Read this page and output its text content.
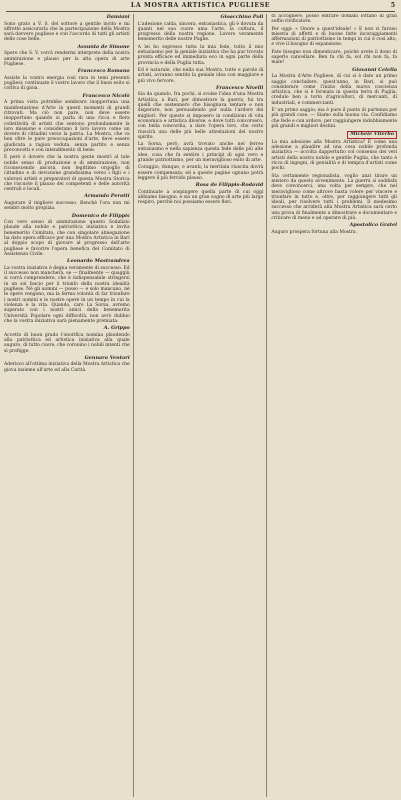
LA MOSTRA ARTISTICA PUGLIESE	5
Damiani

Sono grato a V. S. del sottore a gentile invito e mi affretto assicurarla che la partecipazione della Mostra sarà davvero pugliese e con l'accordo di tutti gli artisti delle cose belle.

Assunta de Simone

Spero che S. V. vorrà rendermi interprete della nostra ammirazione e plauso per la alta opera di arte Pugliese.

Francesco Romano

Assiste la vostra energia così rara in temi presenti pugliesi; continuate il vostro lavoro che il buon esito si coltiva di gioia.

Francesco Nicolò

A prima vista potrebbe sembrare inopportuna una manifestazione d'Arte in questi momenti di grandi ritrovati. Ma ciò non pare, non deve essere inopportuno quando si parla di una ricca e fiera collettività di artisti che sentono profondamente la loro missione e considerano il loro lavoro come un dovere di cittadini verso la patria. La Mostra, che va ben oltre le pure preoccupazioni d'arte, deve essere giudicata a ragion veduta, senza partito e senza preconcetti e con intendimento di bene.

E però è dovere che la nostra gente mostri al tale nobile senso di produzione e di ammirazione, non riconoscendo ancora, non legittimo orgoglio di cittadino e di devozione grandissima verso i figli e i valorosi artisti e preparatori di questa Mostra Storica che riscuote il plauso dei competenti e delle autorità centrali e locali.

Armando Perotti

Augurare il migliore successo. Benchè l'ora non mi sembri molto propizia.

Domenico de Filippis

Con vero senso di ammirazione questo Sodalizio plaude alla nobile e patriottica iniziativa e invita benemerito Comitato, che con singolare abnegazione ha dato opera efficace per una Mostra Artistica in Bari al doppio scopo di giovare al progresso dell'arte pugliese e favorire l'opera benefica del Comitato di Assistenza Civile.

Leonardo Mastrandrea

La vostra iniziativa è degna veramente di successo. Ed il successo non mancherà, se — finalmente — quaggiù si vorrà comprendere, che è indispensabile stringersi in un sol fascio per il trionfo della nostra idealità pugliese. Nè gli uomini — posso — e solo mancano, nè le opere vengono, ma la ferma volontà di far trionfare i nostri uomini e le nostre opere in un tempo in cui la violenza è la vita. Quando, caro La Sorsa, avremo superato con i nostri amici della benemerita Università Popolare ogni difficoltà, non avrò dubbio che la vostra iniziativa sarà pienamente premiata.

A. Grippo

Accetto di buon grado l'onorifica nomina plaudendo alla patriottica ed artistica iniziativa alla quale auguro, di tutto cuore, che coronino i nobili intenti che si prefigge.

Gennaro Ventori

Aderisco all'ottima iniziativa della Mostra Artistica che giova insieme all'arte ed alla Carità.

Gioacchino Poli

L'adesione calda, sincera, entusiastica, gli è dovuta da quanti nel suo cuore ama l'arte, la cultura, il progresso della nostra regione. Lavoro veramente benemerito delle nostre Puglie.

A lei ho espresso tutta la mia fede, tutto il mio entusiasmo per la geniale iniziativa che ha pur trovato pronta efficace ed immediata eco in ogni parte della provincia e della Puglia tutta.

Ed è naturale, che nella sua Mostra, tutte e parole di artisti, avranno sentito la geniale idea con maggiore e più vivo fervore.

Francesco Nivelli

Sia da quando, fra pochi, si svolse l'idea d'una Mostra Artistica, a Bari, per dimostrare la guerra, fui tra quelli che sostennero che bisognava tentare e non disperare, non persuadendo per nulla l'ardore dei migliori. Per questo si imposero in condizioni di vita economica e artistica diverse, e dove tutti concorsero, con bella concordia, a dare l'opera loro, che certo riuscirà una delle più belle attestazioni del nostro spirito.

La Sorsa, però, avrà trovato anche nel ferreo entusiasmo e nella sapienza questa fede delle più alte idee, cosa che fa sentire i principi di ogni vero e grande patriottismo, per un meraviglioso esito di arte.

Coraggio, dunque, e avanti; la meritata riuscita dovrà essere compensata; ed a queste pagine ognuno potrà leggere il più fervido plauso.

Rosa de Filippis-Rodavid

Continuate a sospingere quella parte di cui oggi abbiamo bisogno, e sia un gran sogno di arte più largo respiro, perchè noi possiamo essere fieri.

di accogliere, posso entrare domani lottano di gran soffio rivificatore.

Per oggi: « Onore a quest'ideale! » E non vi furono miseria di affetti e di buone fatte incoraggiamenti affermazioni di patriottismo in tempi in cui è così alto, e vive il bisogno di espansione.

Fate bisogno non dimenticare, poichè avete il dono di saperlo cancellare. Ben fa chi fa, sol chi non fa, fa male!

Giovanni Celella

La Mostra d'Arte Pugliese, di cui si è dato un primo saggio concludere, quest'anno, in Bari, si può considerare come l'inizio della nuova coscienza artistica, che si è formata in questa terra di Puglia, credulo ben a torto d'agricoltori, di mercanti, di industriali, e commercianti.

E' un primo saggio; ma è pure il punto di partenza per più grandi cose. — Siamo sulla buona via. Confidiamo che fede e con ardore, per raggiungere indubbiamente più grandi e migliori destini.

Michele Viterbo

La mia adesione alla Mostra Artistica? È come una adesione a plaudire ad una cosa nobile profonda iniziativa — accolta dappertutto col consenso dei veri artisti della nostra nobile e gentile Puglia, che tanto è ricca di ingegni, di genialità e di tempra d'artisti come pochi.

Sta certamente regionalista, voglio anzi tirare un mistero da questo avvenimento. La guerra si soddisfa deve convincerci, una volta per sempre, che nel meraviglioso come altrove basta volere per vincere e trionfare in tutto e, oltre, per raggiungere tutti gli ideali, per risolvere tutti i problemi. Il medesimo successo che arriderà alla Mostra Artistica sarà certo una prova di finalmente a dimostrare e documentare e criticare di meno e ad operare di più.

Apostolico Gratel

Auguro prospera fortuna alla Mostra.
